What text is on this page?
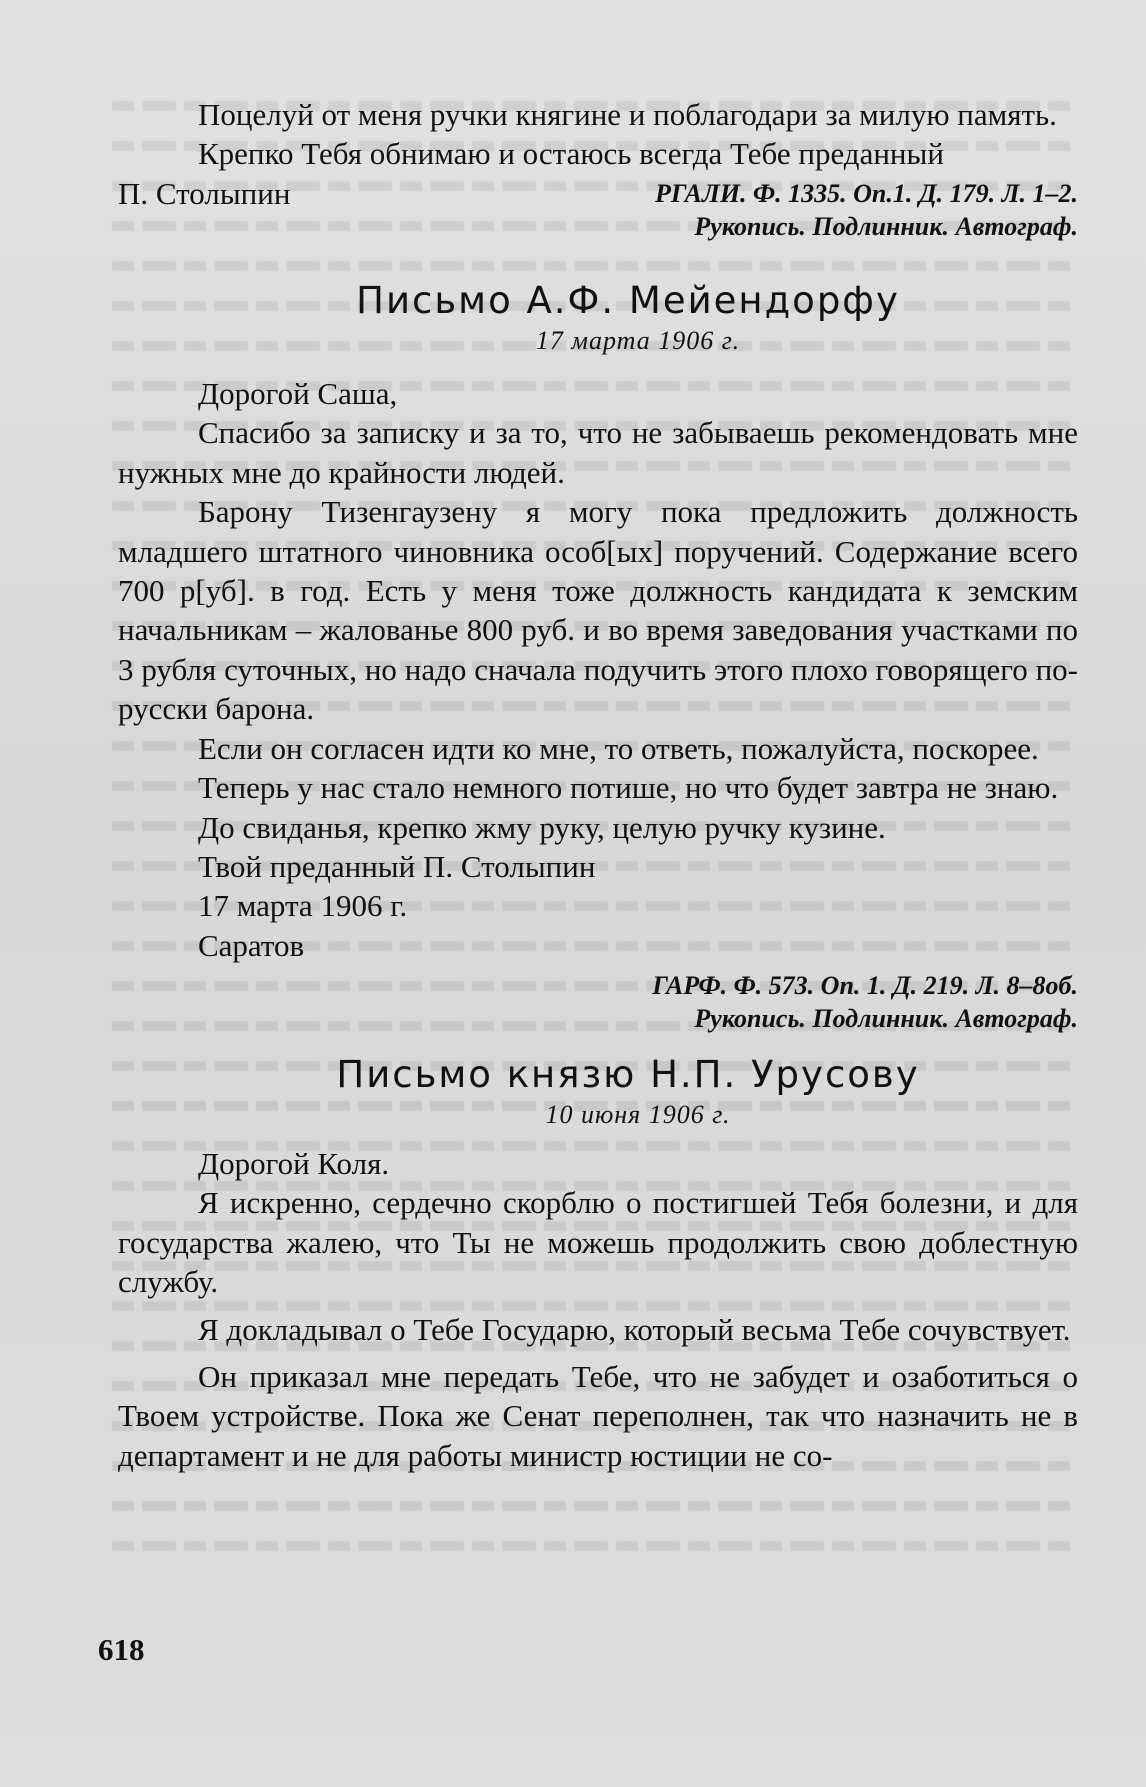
Поцелуй от меня ручки княгине и поблагодари за милую память.

Крепко Тебя обнимаю и остаюсь всегда Тебе преданный

П. Столыпин	РГАЛИ. Ф. 1335. Оп.1. Д. 179. Л. 1–2.

Рукопись. Подлинник. Автограф.

Письмо А.Ф. Мейендорфу

17 марта 1906 г.

Дорогой Саша,

Спасибо за записку и за то, что не забываешь рекомендовать мне нужных мне до крайности людей.

Барону Тизенгаузену я могу пока предложить должность младшего штатного чиновника особ[ых] поручений. Содержание всего 700 р[уб]. в год. Есть у меня тоже должность кандидата к земским начальникам – жалованье 800 руб. и во время заведования участками по 3 рубля суточных, но надо сначала подучить этого плохо говорящего по-русски барона.

Если он согласен идти ко мне, то ответь, пожалуйста, поскорее.

Теперь у нас стало немного потише, но что будет завтра не знаю.

До свиданья, крепко жму руку, целую ручку кузине.

Твой преданный П. Столыпин

17 марта 1906 г.

Саратов

ГАРФ. Ф. 573. Оп. 1. Д. 219. Л. 8–8об.

Рукопись. Подлинник. Автограф.

Письмо князю Н.П. Урусову

10 июня 1906 г.

Дорогой Коля.

Я искренно, сердечно скорблю о постигшей Тебя болезни, и для государства жалею, что Ты не можешь продолжить свою доблестную службу.

Я докладывал о Тебе Государю, который весьма Тебе сочувствует.

Он приказал мне передать Тебе, что не забудет и озаботиться о Твоем устройстве. Пока же Сенат переполнен, так что назначить не в департамент и не для работы министр юстиции не со-

618
